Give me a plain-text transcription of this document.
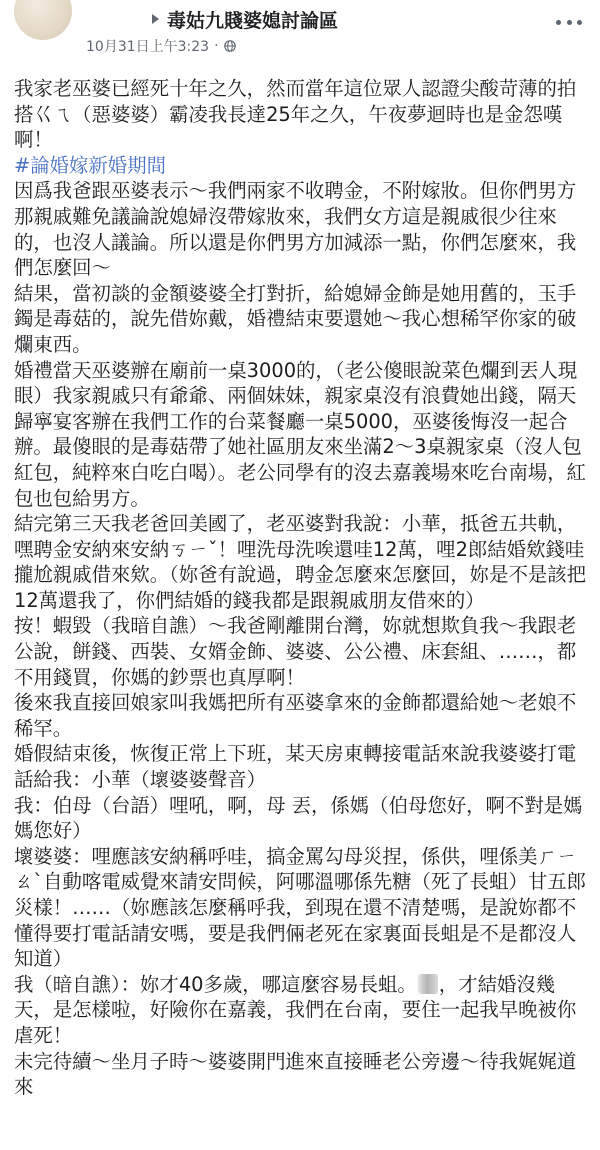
毒姑九賤婆媳討論區
10月31日上午3:23 ·

我家老巫婆已經死十年之久，然而當年這位眾人認證尖酸苛薄的拍搭巜ㄟ（惡婆婆）霸凌我長達25年之久，午夜夢迴時也是金怨嘆啊！

#論婚嫁新婚期間

因爲我爸跟巫婆表示～我們兩家不收聘金，不附嫁妝。但你們男方那親戚難免議論說媳婦沒帶嫁妝來，我們女方這是親戚很少往來的，也沒人議論。所以還是你們男方加減添一點，你們怎麼來，我們怎麼回～

結果，當初談的金額婆婆全打對折，給媳婦金飾是她用舊的，玉手鐲是毒菇的，說先借妳戴，婚禮結束要還她～我心想稀罕你家的破爛東西。

婚禮當天巫婆辦在廟前一桌3000的，（老公傻眼說菜色爛到丟人現眼）我家親戚只有爺爺、兩個妹妹，親家桌沒有浪費她出錢，隔天歸寧宴客辦在我們工作的台菜餐廳一桌5000，巫婆後悔沒一起合辦。最傻眼的是毒菇帶了她社區朋友來坐滿2～3桌親家桌（沒人包紅包，純粹來白吃白喝）。老公同學有的沒去嘉義場來吃台南場，紅包也包給男方。

結完第三天我老爸回美國了，老巫婆對我說：小華，抵爸五共軌，嘿聘金安納來安納ㄎㄧˇ！哩洗母洗唉還哇12萬，哩2郎結婚欸錢哇攏尬親戚借來欸。（妳爸有說過，聘金怎麼來怎麼回，妳是不是該把12萬還我了，你們結婚的錢我都是跟親戚朋友借來的）

按！蝦毀（我暗自譙）～我爸剛離開台灣，妳就想欺負我～我跟老公說，餅錢、西裝、女婿金飾、婆婆、公公禮、床套組、……，都不用錢買，你媽的鈔票也真厚啊！

後來我直接回娘家叫我媽把所有巫婆拿來的金飾都還給她～老娘不稀罕。

婚假結束後，恢復正常上下班，某天房東轉接電話來說我婆婆打電話給我：小華（壞婆婆聲音）

我：伯母（台語）哩吼，啊，母 丟，係媽（伯母您好，啊不對是媽媽您好）

壞婆婆：哩應該安納稱呼哇，搞金罵勾母災捏，係供，哩係美ㄏㄧㄠˋ自動喀電威覺來請安問候，阿哪溫哪係先糖（死了長蛆）甘五郎災樣！……（妳應該怎麼稱呼我，到現在還不清楚嗎，是說妳都不懂得要打電話請安嗎，要是我們倆老死在家裏面長蛆是不是都沒人知道）

我（暗自譙）：妳才40多歲，哪這麼容易長蛆。 ，才結婚沒幾天，是怎樣啦，好險你在嘉義，我們在台南，要住一起我早晚被你虐死！

未完待續～坐月子時～婆婆開門進來直接睡老公旁邊～待我娓娓道來
